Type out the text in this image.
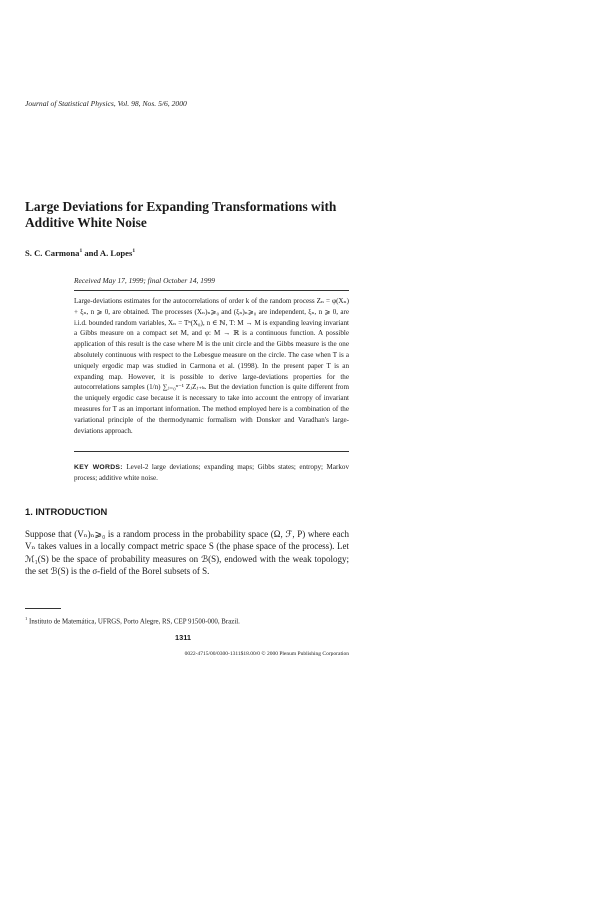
Journal of Statistical Physics, Vol. 98, Nos. 5/6, 2000
Large Deviations for Expanding Transformations with Additive White Noise
S. C. Carmona$^1$ and A. Lopes$^1$
Received May 17, 1999; final October 14, 1999

Large-deviations estimates for the autocorrelations of order k of the random process Zₙ = φ(Xₙ) + ξₙ, n ⩾ 0, are obtained. The processes (Xₙ)ₙ⩾₀ and (ξₙ)ₙ⩾₀ are independent, ξₙ, n ⩾ 0, are i.i.d. bounded random variables, Xₙ = Tⁿ(X₀), n ∈ ℕ, T: M → M is expanding leaving invariant a Gibbs measure on a compact set M, and φ: M → ℝ is a continuous function. A possible application of this result is the case where M is the unit circle and the Gibbs measure is the one absolutely continuous with respect to the Lebesgue measure on the circle. The case when T is a uniquely ergodic map was studied in Carmona et al. (1998). In the present paper T is an expanding map. However, it is possible to derive large-deviations properties for the autocorrelations samples (1/n) ∑ⱼ₌₀ⁿ⁻¹ ZⱼZⱼ₊ₖ. But the deviation function is quite different from the uniquely ergodic case because it is necessary to take into account the entropy of invariant measures for T as an important information. The method employed here is a combination of the variational principle of the thermodynamic formalism with Donsker and Varadhan's large-deviations approach.

KEY WORDS: Level-2 large deviations; expanding maps; Gibbs states; entropy; Markov process; additive white noise.

1. INTRODUCTION

Suppose that (Vₙ)ₙ⩾₀ is a random process in the probability space (Ω, ℱ, P) where each Vₙ takes values in a locally compact metric space S (the phase space of the process). Let ℳ₁(S) be the space of probability measures on ℬ(S), endowed with the weak topology; the set ℬ(S) is the σ-field of the Borel subsets of S.

$^1$ Instituto de Matemática, UFRGS, Porto Alegre, RS, CEP 91500-000, Brazil.
1311
0022-4715/00/0300-1311$18.00/0 © 2000 Plenum Publishing Corporation
